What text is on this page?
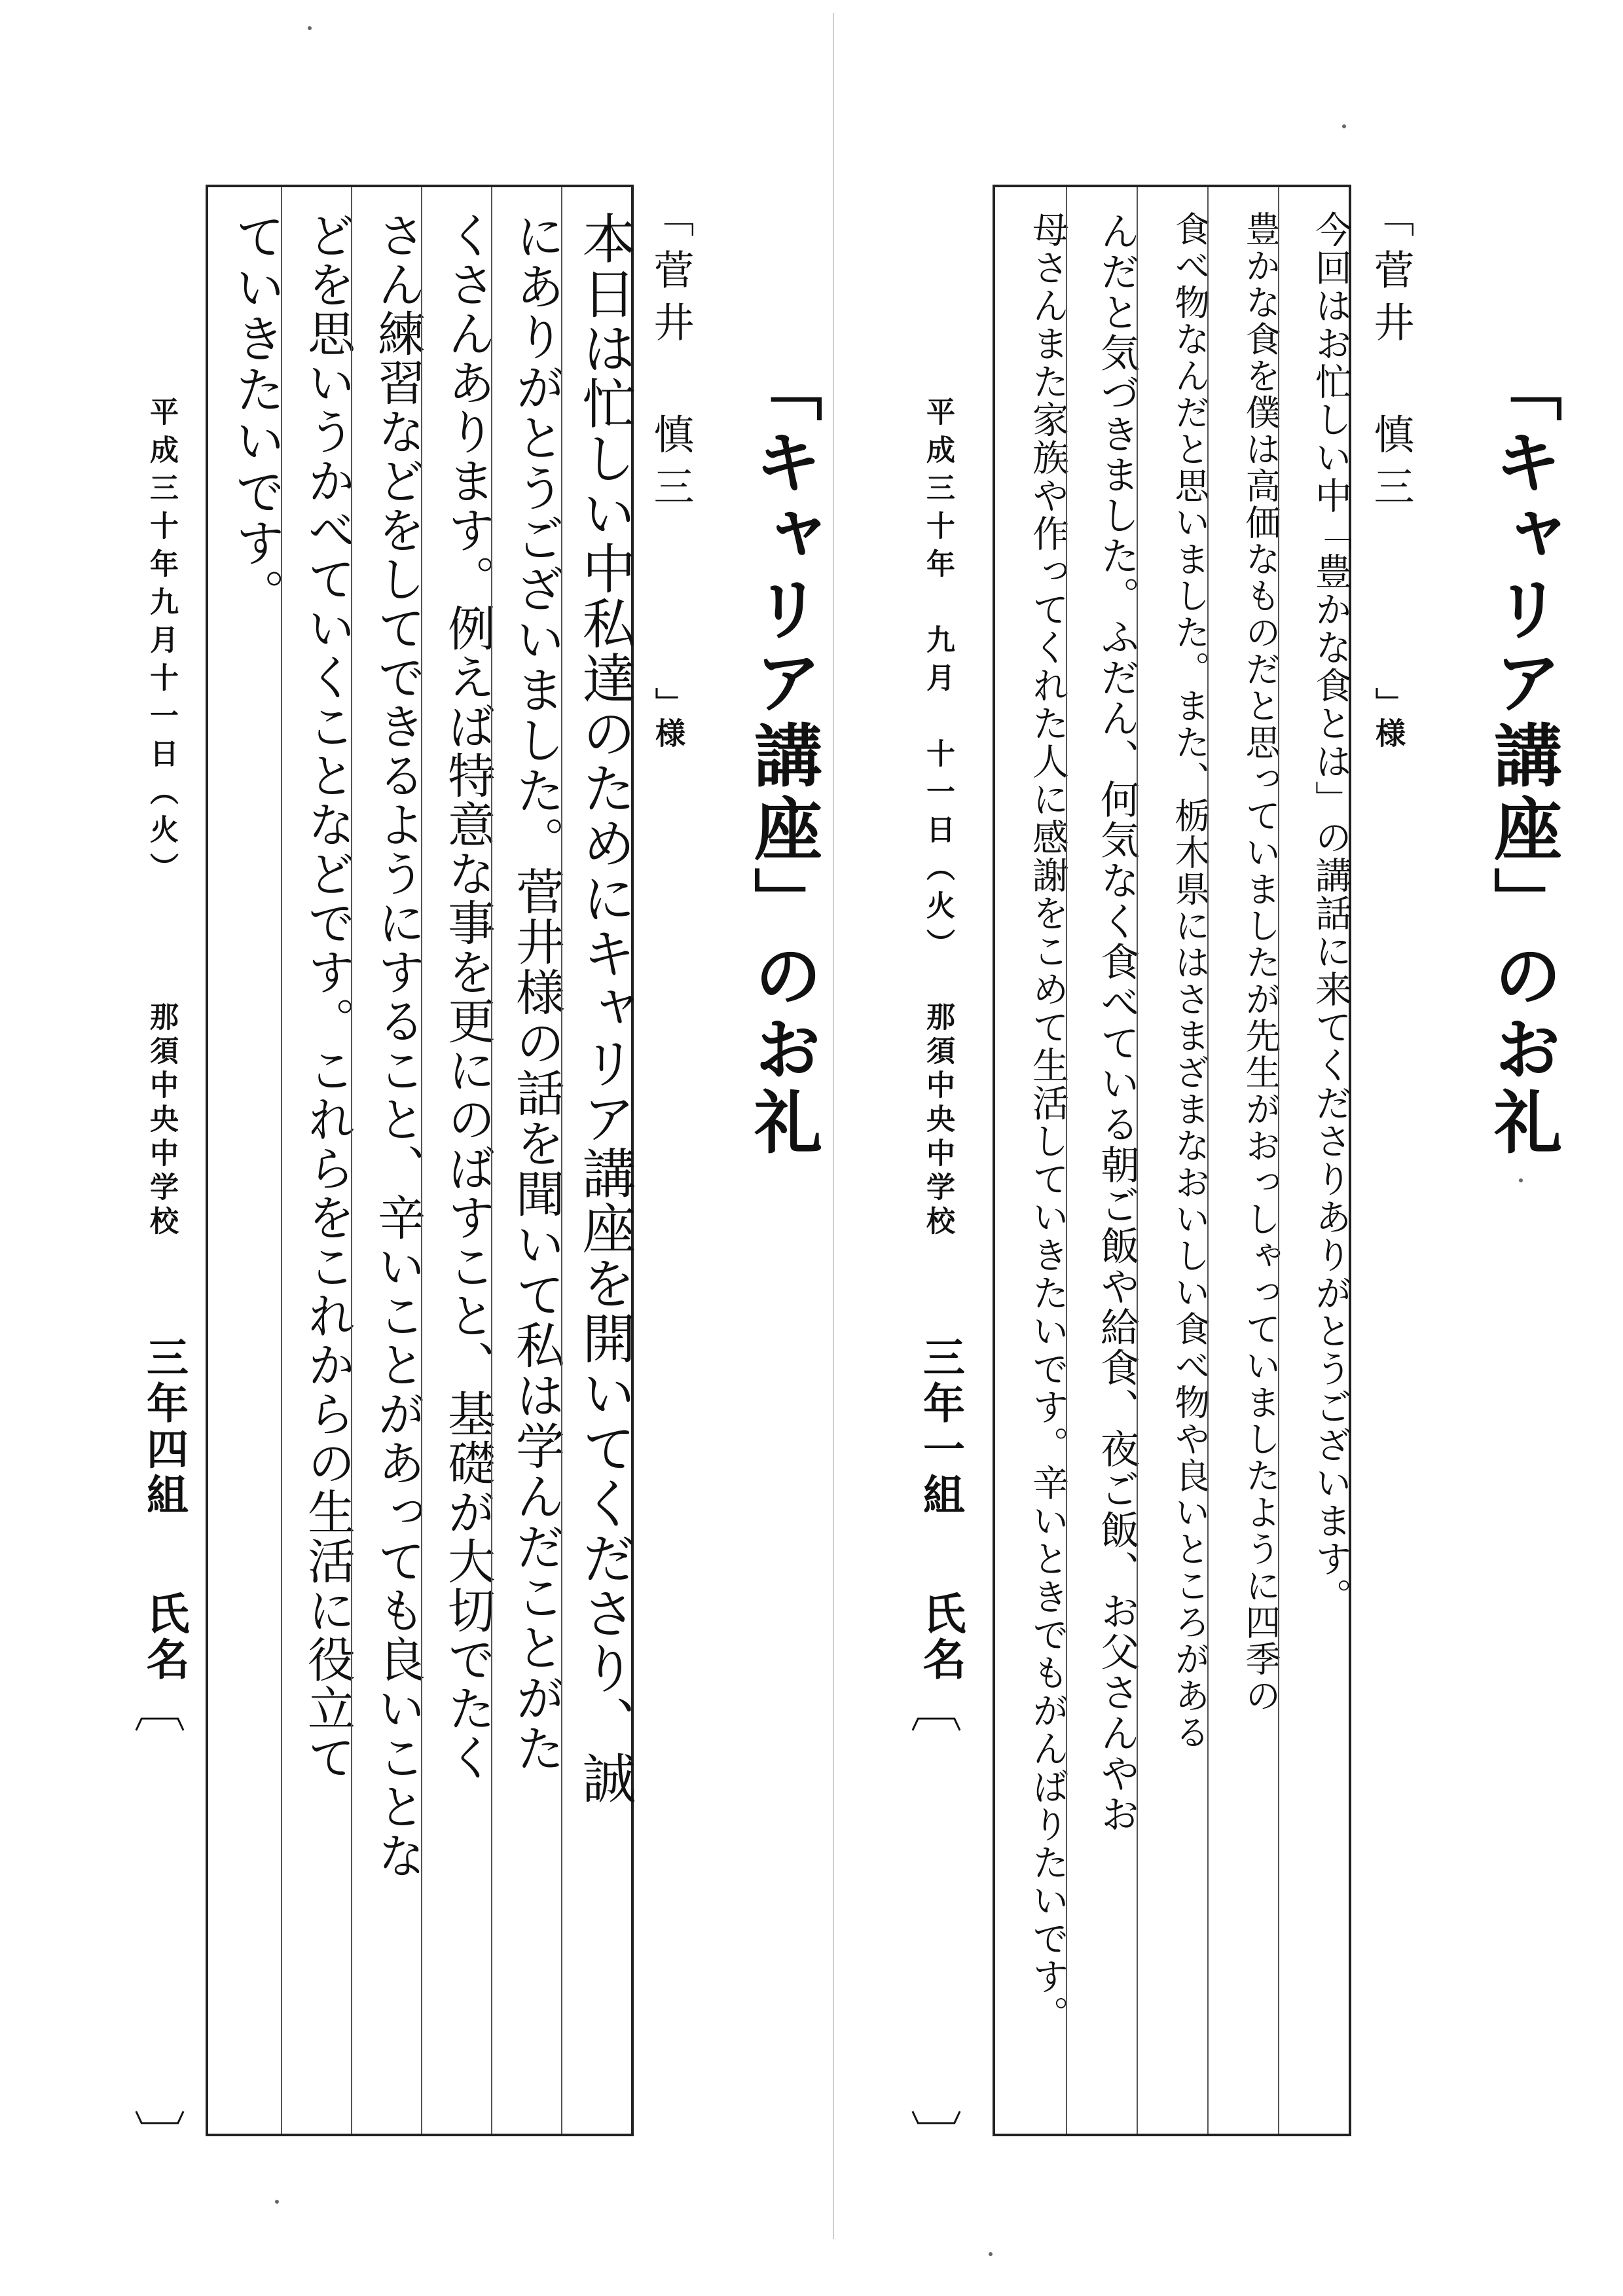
「キャリア講座」のお礼
「菅井 慎三
」様
今回はお忙しい中「豊かな食とは」の講話に来てくださりありがとうございます。
豊かな食を僕は高価なものだと思っていましたが先生がおっしゃっていましたように四季の
食べ物なんだと思いました。また、栃木県にはさまざまなおいしい食べ物や良いところがある
んだと気づきました。ふだん、何気なく食べている朝ご飯や給食、夜ご飯、お父さんやお
母さんまた家族や作ってくれた人に感謝をこめて生活していきたいです。辛いときでもがんばりたいです。
平成三十年　九月　十一日（火）
那須中央中学校
三年一組
氏名
︹
︺
「キャリア講座」のお礼
「菅井 慎三
」様
本日は忙しい中私達のためにキャリア講座を開いてくださり、誠
にありがとうございました。菅井様の話を聞いて私は学んだことがた
くさんあります。例えば特意な事を更にのばすこと、基礎が大切でたく
さん練習などをしてできるようにすること、辛いことがあっても良いことな
どを思いうかべていくことなどです。これらをこれからの生活に役立て
ていきたいです。
平成三十年九月十一日（火）
那須中央中学校
三年四組
氏名
︹
︺
